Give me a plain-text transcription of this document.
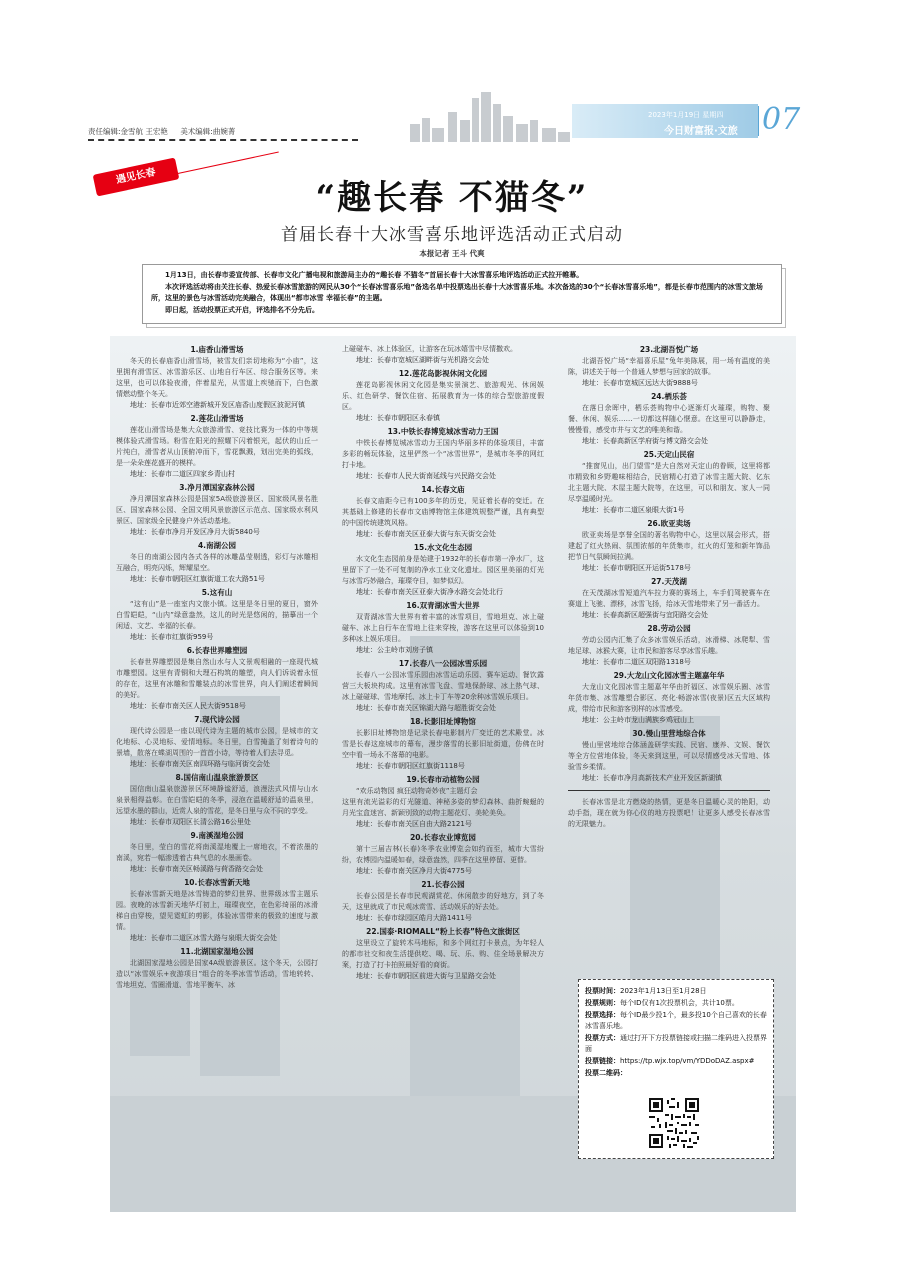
责任编辑:金雪航 王宏艳 美术编辑:曲婉菁
2023年1月19日 星期四
今日财富报·文旅 07
遇见长春
“趣长春 不猫冬”
首届长春十大冰雪喜乐地评选活动正式启动
本报记者 王斗 代爽

1月13日，由长春市委宣传部、长春市文化广播电视和旅游局主办的“趣长春 不猫冬”首届长春十大冰雪喜乐地评选活动正式拉开帷幕。

本次评选活动将由关注长春、热爱长春冰雪旅游的网民从30个“长春冰雪喜乐地”备选名单中投票选出长春十大冰雪喜乐地。本次备选的30个“长春冰雪喜乐地”，都是长春市范围内的冰雪文旅场所，这里的景色与冰雪活动完美融合，体现出“都市冰雪 幸福长春”的主题。

即日起，活动投票正式开启，评选排名不分先后。

1.庙香山滑雪场

冬天的长春庙香山滑雪场，被雪友们亲切地称为“小庙”，这里拥有滑雪区、冰雪游乐区、山地自行车区、综合服务区等。来这里，也可以体验夜滑，伴着星光，从雪道上疾驰而下，白色激情燃动整个冬天。

地址：长春市近郊空港新城开发区庙香山度假区波泥河镇

2.莲花山滑雪场

莲花山滑雪场是集大众旅游滑雪、竞技比赛为一体的中等规模体验式滑雪场。粉雪在阳光的照耀下闪着银光，起伏的山丘一片纯白，滑雪者从山顶俯冲而下，雪花飘溅，划出完美的弧线，是一朵朵莲花盛开的模样。

地址：长春市二道区四家乡青山村

3.净月潭国家森林公园

净月潭国家森林公园是国家5A级旅游景区、国家级风景名胜区、国家森林公园、全国文明风景旅游区示范点、国家级水利风景区、国家级全民健身户外活动基地。

地址：长春市净月开发区净月大街5840号

4.南湖公园

冬日的南湖公园内各式各样的冰雕晶莹剔透，彩灯与冰雕相互融合，明亮闪烁，辉耀星空。

地址：长春市朝阳区红旗街道工农大路51号

5.这有山

“这有山”是一座室内文旅小镇。这里是冬日里的夏日，窗外白雪皑皑，“山内”绿意盎然，这儿的时光是悠闲的，描摹出一个闲适、文艺、幸福的长春。

地址：长春市红旗街959号

6.长春世界雕塑园

长春世界雕塑园是集自然山水与人文景观相融的一座现代城市雕塑园。这里有青铜和大理石构筑的雕塑，向人们诉说着永恒的存在，这里有冰雕和雪雕装点的冰雪世界，向人们阐述着瞬间的美好。

地址：长春市南关区人民大街9518号

7.现代诗公园

现代诗公园是一座以现代诗为主题的城市公园，是城市的文化地标、心灵地标、爱情地标。冬日里，白雪掩盖了刻着诗句的景墙，散落在蝶湖周围的一首首小诗，等待着人们去寻觅。

地址：长春市南关区南四环路与临河街交会处

8.国信南山温泉旅游景区

国信南山温泉旅游景区环境静谧舒适，浪漫法式风情与山水泉景相得益彰。在白雪皑皑的冬季，浸泡在温暖舒适的温泉里，远望水墨的群山，近赏人泉的雪花，是冬日里与众不同的享受。

地址：长春市双阳区长清公路16公里处

9.南溪湿地公园

冬日里，莹白的雪花将南溪湿地覆上一席地衣，不着浓墨的南溪，宛若一幅渗透着古典气息的水墨画卷。

地址：长春市南关区畅溪路与荷香路交会处

10.长春冰雪新天地

长春冰雪新天地是冰雪铸造的梦幻世界、世界级冰雪主题乐园。夜晚的冰雪新天地华灯初上，璀璨夜空，在色彩绮丽的冰滑梯自由穿梭，望见霓虹的剪影，体验冰雪带来的极致的速度与激情。

地址：长春市二道区冰雪大路与泉眼大街交会处

11.北湖国家湿地公园

北湖国家湿地公园是国家4A级旅游景区。这个冬天，公园打造以“冰雪娱乐+夜游项目”组合的冬季冰雪节活动，雪地转转、雪地坦克、雪圈滑道、雪地平衡车、冰

上碰碰车、冰上体验区，让游客在玩冰嬉雪中尽情撒欢。

地址：长春市宽城区湖畔街与光机路交会处

12.莲花岛影视休闲文化园

莲花岛影视休闲文化园是集实景演艺、旅游观光、休闲娱乐、红色研学、餐饮住宿、拓展教育为一体的综合型旅游度假区。

地址：长春市朝阳区永春镇

13.中铁长春博览城冰雪动力王国

中铁长春博览城冰雪动力王国内华丽多样的体验项目，丰富多彩的畅玩体验，这里俨然一个“冰雪世界”，是城市冬季的网红打卡地。

地址：长春市人民大街南延线与兴民路交会处

14.长春文庙

长春文庙距今已有100多年的历史，见证着长春的变迁。在其基础上修建的长春市文庙博物馆主体建筑规整严谨，具有典型的中国传统建筑风格。

地址：长春市南关区亚泰大街与东天街交会处

15.水文化生态园

水文化生态园前身是始建于1932年的长春市第一净水厂，这里留下了一处不可复制的净水工业文化遗址。园区里美丽的灯光与冰雪巧妙融合，璀璨夺目，如梦似幻。

地址：长春市南关区亚泰大街净水路交会处北行

16.双青湖冰雪大世界

双青湖冰雪大世界有着丰富的冰雪项目，雪地坦克、冰上碰碰车、冰上自行车在雪地上往来穿梭，游客在这里可以体验到10多种冰上娱乐项目。

地址：公主岭市刘房子镇

17.长春八一公园冰雪乐园

长春八一公园冰雪乐园由冰雪运动乐园、赛车运动、餐饮露营三大板块构成。这里有冰雪飞盘、雪地保龄球、冰上热气球、冰上碰碰球、雪地摩托、冰上卡丁车等20余种冰雪娱乐项目。

地址：长春市南关区锦湖大路与超胜街交会处

18.长影旧址博物馆

长影旧址博物馆是记录长春电影制片厂变迁的艺术殿堂。冰雪是长春这座城市的幕布，漫步落雪的长影旧址街道，仿佛在时空中看一场永不落幕的电影。

地址：长春市朝阳区红旗街1118号

19.长春市动植物公园

“欢乐动物园 疯狂动物奇妙夜”主题灯会
这里有流光溢彩的灯光隧道、神秘多姿的梦幻森林、曲折蜿蜒的月光宝盒迷宫、新颖别致的动物主题花灯、美轮美奂。

地址：长春市南关区自由大路2121号

20.长春农业博览园

第十三届吉林(长春)冬季农业博览会如约而至，城市大雪纷纷，农博园内温暖如春，绿意盎然，四季在这里停留、更替。

地址：长春市南关区净月大街4775号

21.长春公园

长春公园是长春市民观湖赏花、休闲散步的好地方，到了冬天，这里就成了市民观冰赏雪、活动娱乐的好去处。

地址：长春市绿园区皓月大路1411号

22.国泰·RIOMALL“粉上长春”特色文旅街区

这里设立了旋转木马地标，和多个网红打卡景点，为年轻人的都市社交和夜生活提供吃、喝、玩、乐、购、住全场景解决方案，打造了打卡拍照最好看的商街。

地址：长春市朝阳区前进大街与卫星路交会处

23.北湖吾悦广场

北湖吾悦广场“幸福喜乐屋”兔年美陈展，用一场有温度的美陈，讲述关于每一个普通人梦想与回家的故事。

地址：长春市宽城区远达大街9888号

24.栖乐荟

在落日余晖中，栖乐荟购物中心逐渐灯火璀璨，购物、聚餐、休闲、娱乐……一切都这样随心惬意。在这里可以静静走，慢慢看，感受市井与文艺的唯美和谐。

地址：长春高新区学府街与博文路交会处

25.天定山民宿

“推窗见山，出门望雪”是大自然对天定山的眷顾，这里将都市精致和乡野趣味相结合，民宿精心打造了冰雪主题大院、亿东北主题大院、木屋主题大院等，在这里，可以和朋友、家人一同尽享温暖时光。

地址：长春市二道区泉眼大街1号

26.欧亚卖场

欧亚卖场是享誉全国的著名购物中心，这里以展会形式，搭建起了红火热闹、氛围浓郁的年货集市，红火的灯笼和新年饰品把节日气氛瞬间拉满。

地址：长春市朝阳区开运街5178号

27.天茂湖

在天茂湖冰雪短道汽车拉力赛的赛场上，车手们驾驶赛车在赛道上飞驰、漂移，冰雪飞扬，给冰天雪地带来了另一番活力。

地址：长春高新区超强街与宜阳路交会处

28.劳动公园

劳动公园内汇集了众多冰雪娱乐活动，冰滑梯、冰爬犁、雪地足球、冰猴大赛，让市民和游客尽享冰雪乐趣。

地址：长春市二道区双阳路1318号

29.大龙山文化园冰雪主题嘉年华

大龙山文化园冰雪主题嘉年华由折福区、冰雪娱乐圈、冰雪年货市集、冰雪雕塑合影区、亮化·畅游冰雪(夜景)区五大区域构成，带给市民和游客别样的冰雪感受。

地址：公主岭市龙山满族乡鸡冠山上

30.慢山里营地综合体

慢山里营地综合体涵盖研学实践、民宿、康养、文娱、餐饮等全方位营地体验，冬天来到这里，可以尽情感受冰天雪地、体验雪乡柔情。

地址：长春市净月高新技术产业开发区新湖镇

长春冰雪是北方燃烧的热情，更是冬日温暖心灵的艳阳，动动手指，现在就为你心仪的地方投票吧！让更多人感受长春冰雪的无限魅力。

投票时间：2023年1月13日至1月28日
投票规则：每个ID仅有1次投票机会，共计10票。
投票选择：每个ID最少投1个，最多投10个自己喜欢的长春冰雪喜乐地。
投票方式：通过打开下方投票链接或扫描二维码进入投票界面
投票链接：https://tp.wjx.top/vm/YDDoDAZ.aspx#
投票二维码：
